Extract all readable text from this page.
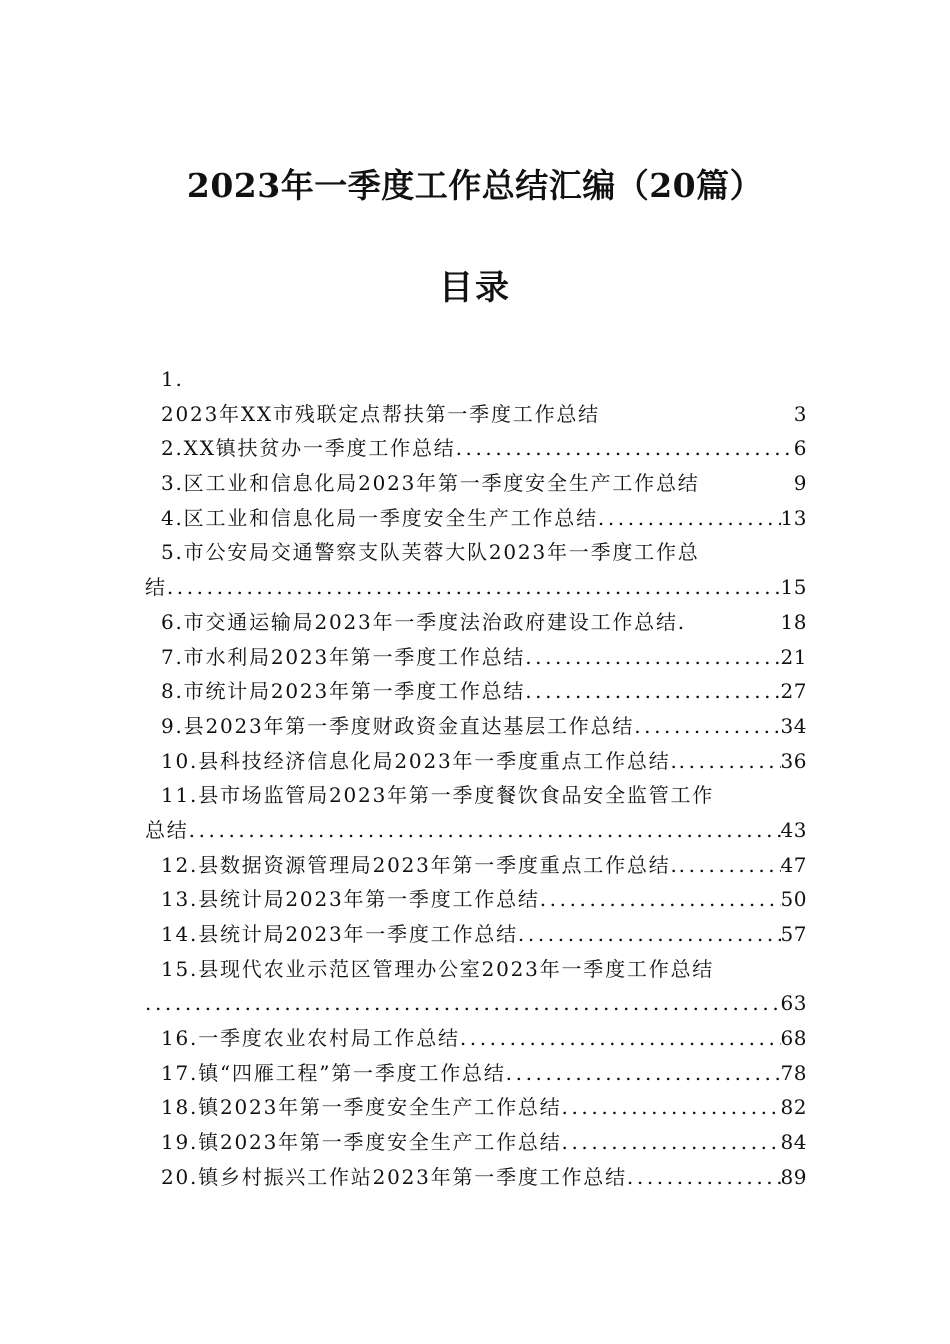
2023年一季度工作总结汇编（20篇）
目录
1.
2023年XX市残联定点帮扶第一季度工作总结	3
2.XX镇扶贫办一季度工作总结 .....	6
3.区工业和信息化局2023年第一季度安全生产工作总结	9
4.区工业和信息化局一季度安全生产工作总结 .....	13
5.市公安局交通警察支队芙蓉大队2023年一季度工作总
结 .....	15
6.市交通运输局2023年一季度法治政府建设工作总结.	18
7.市水利局2023年第一季度工作总结 .....	21
8.市统计局2023年第一季度工作总结 .....	27
9.县2023年第一季度财政资金直达基层工作总结 .....	34
10.县科技经济信息化局2023年一季度重点工作总结. .....	36
11.县市场监管局2023年第一季度餐饮食品安全监管工作
总结 .....	43
12.县数据资源管理局2023年第一季度重点工作总结. .....	47
13.县统计局2023年第一季度工作总结 .....	50
14.县统计局2023年一季度工作总结 .....	57
15.县现代农业示范区管理办公室2023年一季度工作总结
.....
63
16.一季度农业农村局工作总结 .....	68
17.镇“四雁工程”第一季度工作总结 .....	78
18.镇2023年第一季度安全生产工作总结 .....	82
19.镇2023年第一季度安全生产工作总结 .....	84
20.镇乡村振兴工作站2023年第一季度工作总结 .....	89
